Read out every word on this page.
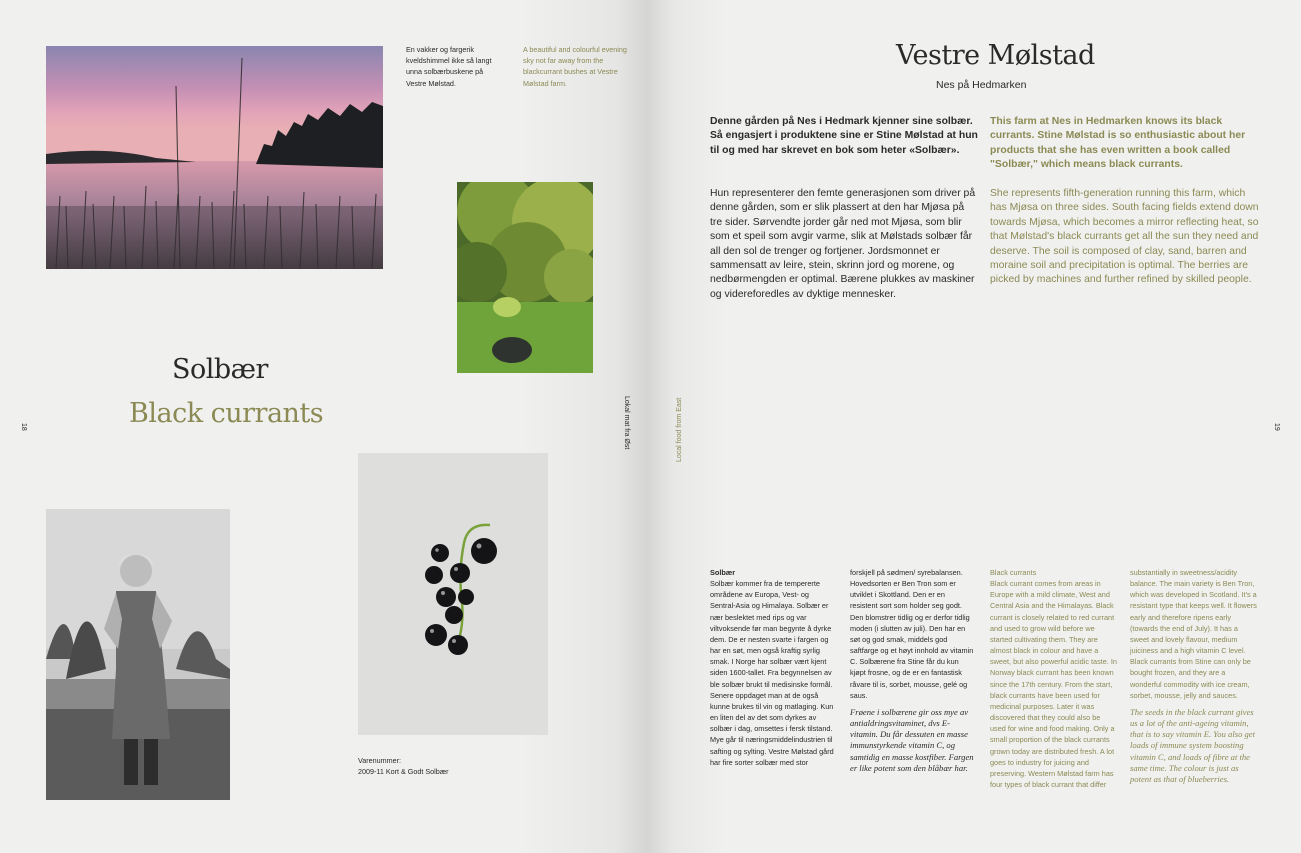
En vakker og fargerik kveldshimmel ikke så langt unna solbærbuskene på Vestre Mølstad.

A beautiful and colourful evening sky not far away from the blackcurrant bushes at Vestre Mølstad farm.

Solbær
Black currants
18	Lokal mat fra Øst

Varenummer:

2009-11 Kort & Godt Solbær

Vestre Mølstad
Nes på Hedmarken

Denne gården på Nes i Hedmark kjenner sine solbær. Så engasjert i produktene sine er Stine Mølstad at hun til og med har skrevet en bok som heter «Solbær».

This farm at Nes in Hedmarken knows its black currants. Stine Mølstad is so enthusiastic about her products that she has even written a book called "Solbær," which means black currants.

Hun representerer den femte generasjonen som driver på denne gården, som er slik plassert at den har Mjøsa på tre sider. Sørvendte jorder går ned mot Mjøsa, som blir som et speil som avgir varme, slik at Mølstads solbær får all den sol de trenger og fortjener. Jordsmonnet er sammensatt av leire, stein, skrinn jord og morene, og nedbørmengden er optimal. Bærene plukkes av maskiner og videreforedles av dyktige mennesker.

She represents fifth-generation running this farm, which has Mjøsa on three sides. South facing fields extend down towards Mjøsa, which becomes a mirror reflecting heat, so that Mølstad's black currants get all the sun they need and deserve. The soil is composed of clay, sand, barren and moraine soil and precipitation is optimal. The berries are picked by machines and further refined by skilled people.

Local food from East	19

Solbær

Solbær kommer fra de tempererte områdene av Europa, Vest- og Sentral-Asia og Himalaya. Solbær er nær beslektet med rips og var viltvoksende før man begynte å dyrke dem. De er nesten svarte i fargen og har en søt, men også kraftig syrlig smak. I Norge har solbær vært kjent siden 1600-tallet. Fra begynnelsen av ble solbær brukt til medisinske formål. Senere oppdaget man at de også kunne brukes til vin og matlaging. Kun en liten del av det som dyrkes av solbær i dag, omsettes i fersk tilstand. Mye går til næringsmiddelindustrien til safting og sylting. Vestre Mølstad gård har fire sorter solbær med stor

forskjell på sødmen/ syrebalansen. Hovedsorten er Ben Tron som er utviklet i Skottland. Den er en resistent sort som holder seg godt. Den blomstrer tidlig og er derfor tidlig moden (i slutten av juli). Den har en søt og god smak, middels god saftfarge og et høyt innhold av vitamin C. Solbærene fra Stine får du kun kjøpt frosne, og de er en fantastisk råvare til is, sorbet, mousse, gelé og saus.

Frøene i solbærene gir oss mye av antialdringsvitaminet, dvs E-vitamin. Du får dessuten en masse immunstyrkende vitamin C, og samtidig en masse kostfiber. Fargen er like potent som den blåbær har.

Black currants

Black currant comes from areas in Europe with a mild climate, West and Central Asia and the Himalayas. Black currant is closely related to red currant and used to grow wild before we started cultivating them. They are almost black in colour and have a sweet, but also powerful acidic taste. In Norway black currant has been known since the 17th century. From the start, black currants have been used for medicinal purposes. Later it was discovered that they could also be used for wine and food making. Only a small proportion of the black currants grown today are distributed fresh. A lot goes to industry for juicing and preserving. Western Mølstad farm has four types of black currant that differ

substantially in sweetness/acidity balance. The main variety is Ben Tron, which was developed in Scotland. It's a resistant type that keeps well. It flowers early and therefore ripens early (towards the end of July). It has a sweet and lovely flavour, medium juiciness and a high vitamin C level. Black currants from Stine can only be bought frozen, and they are a wonderful commodity with ice cream, sorbet, mousse, jelly and sauces.

The seeds in the black currant gives us a lot of the anti-ageing vitamin, that is to say vitamin E. You also get loads of immune system boosting vitamin C, and loads of fibre at the same time. The colour is just as potent as that of blueberries.
